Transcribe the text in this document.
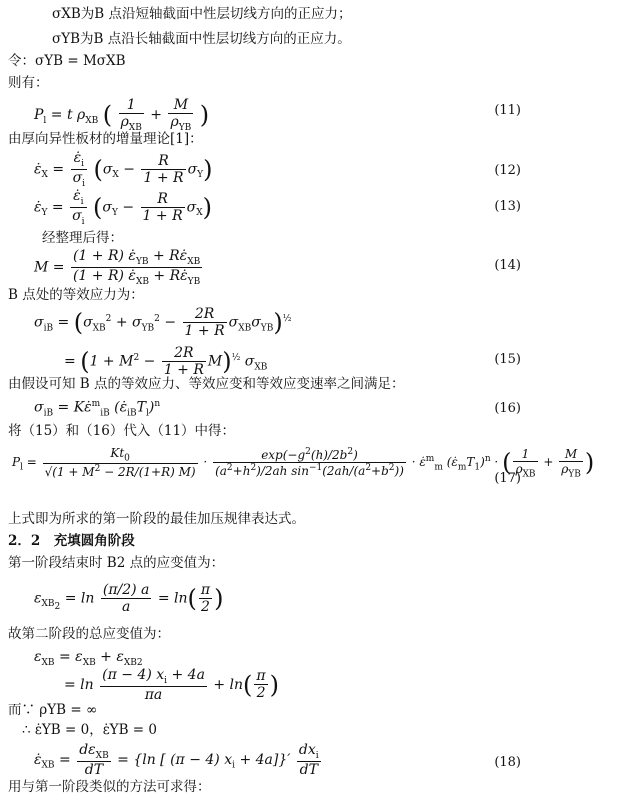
σXB为B 点沿短轴截面中性层切线方向的正应力；
σYB为B 点沿长轴截面中性层切线方向的正应力。
令：σYB = MσXB
则有：
$P_l = t$ $\rho_{XB}$ ( $\frac{1}{\rho_{XB}} + \frac{M}{\rho_{YB}}$ )	(11)
由厚向异性板材的增量理论[1]：
$\varepsiloṅ_X = \frac{\varepsiloṅ_i}{\sigma_i} (\sigma_X - \frac{R}{1 + R} \sigma_Y)$	(12)
$\varepsiloṅ_Y = \frac{\varepsiloṅ_i}{\sigma_i} (\sigma_Y - \frac{R}{1 + R} \sigma_X)$	(13)
经整理后得：
$M = \frac{(1 + R) \varepsiloṅ_{YB} + R\varepsiloṅ_{XB}}{(1 + R) \varepsiloṅ_{XB} + R\varepsiloṅ_{YB}}$	(14)
B 点处的等效应力为：
$\sigma_{iB} = (\sigma_{XB}^2 + \sigma_{YB}^2 - \frac{2R}{1 + R} \sigma_{XB}\sigma_{YB})^{\frac{1}{2}}$
= $(1 + M^2 - \frac{2R}{1 + R} M)^{\frac{1}{2}}$ $\sigma_{XB}$
(15)
由假设可知 B 点的等效应力、等效应变和等效应变速率之间满足：
$\sigma_{iB}$ = Kε̇$^m_{iB}$ $(\varepsiloṅ_{iB}T_l)^n$	(16)
将（15）和（16）代入（11）中得：
$P_l = \frac{Kt_0}{√(1 + M^2 - 2R/(1+R) M)} \cdot \frac{\exp(-g^2(h)/2b^2)}{(a^2+h^2)/2ah \sin^{-1}(2ah/(a^2+b^2))}$ · ε̇$^m_m$ $(\varepsiloṅ_mT_1)^n$ · ( $\frac{1}{\rho_{XB}} + \frac{M}{\rho_{YB}}$ )
(17)
上式即为所求的第一阶段的最佳加压规律表达式。
2．2　充填圆角阶段
第一阶段结束时 B2 点的应变值为：
$\varepsilon_{XB_2} = \ln \frac{(\pi/2) a}{a} = \ln( \frac{\pi}{2}$ )
故第二阶段的总应变值为：
$\varepsilon_{XB} = \varepsilon_{XB} + \varepsilon_{XB2}$
= $\ln \frac{(\pi - 4) x_i + 4a}{\pi a} + \ln( \frac{\pi}{2}$ )
而∵ ρYB = ∞
∴ ε̇YB = 0，ε̇YB = 0
$\varepsiloṅ_{XB} = \frac{d\varepsilon_{XB}}{dT} = \{\ln$ [ (π − 4) $x_i + 4a]\}' \frac{dx_i}{dT}$	(18)
用与第一阶段类似的方法可求得：
